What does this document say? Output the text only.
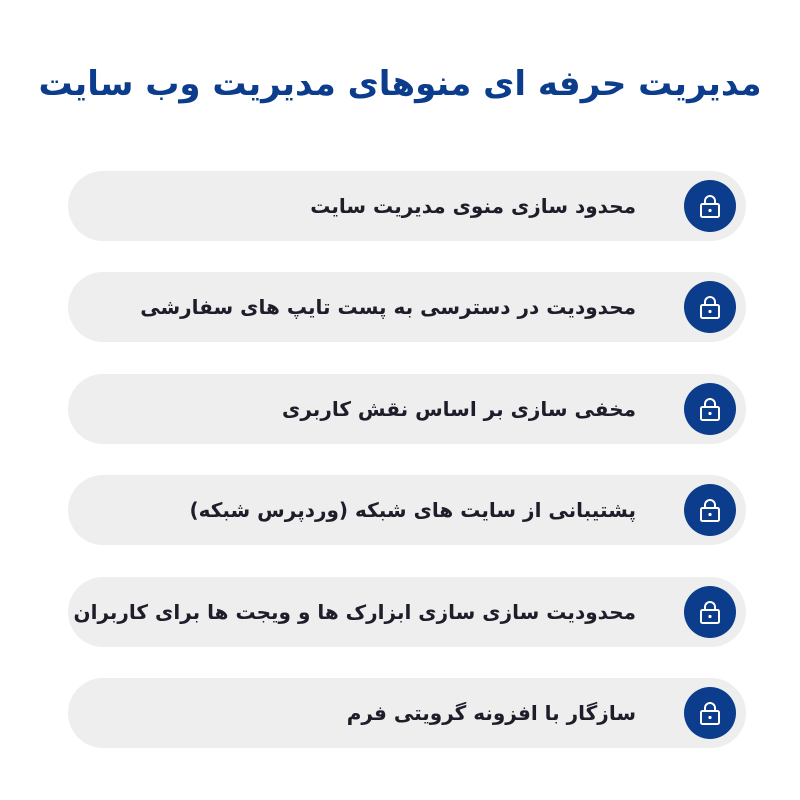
مدیریت حرفه ای منوهای مدیریت وب سایت
محدود سازی منوی مدیریت سایت
محدودیت در دسترسی به پست تایپ های سفارشی
مخفی سازی بر اساس نقش کاربری
پشتیبانی از سایت های شبکه (وردپرس شبکه)
محدودیت سازی سازی ابزارک ها و ویجت ها برای کاربران
سازگار با افزونه گرویتی فرم
